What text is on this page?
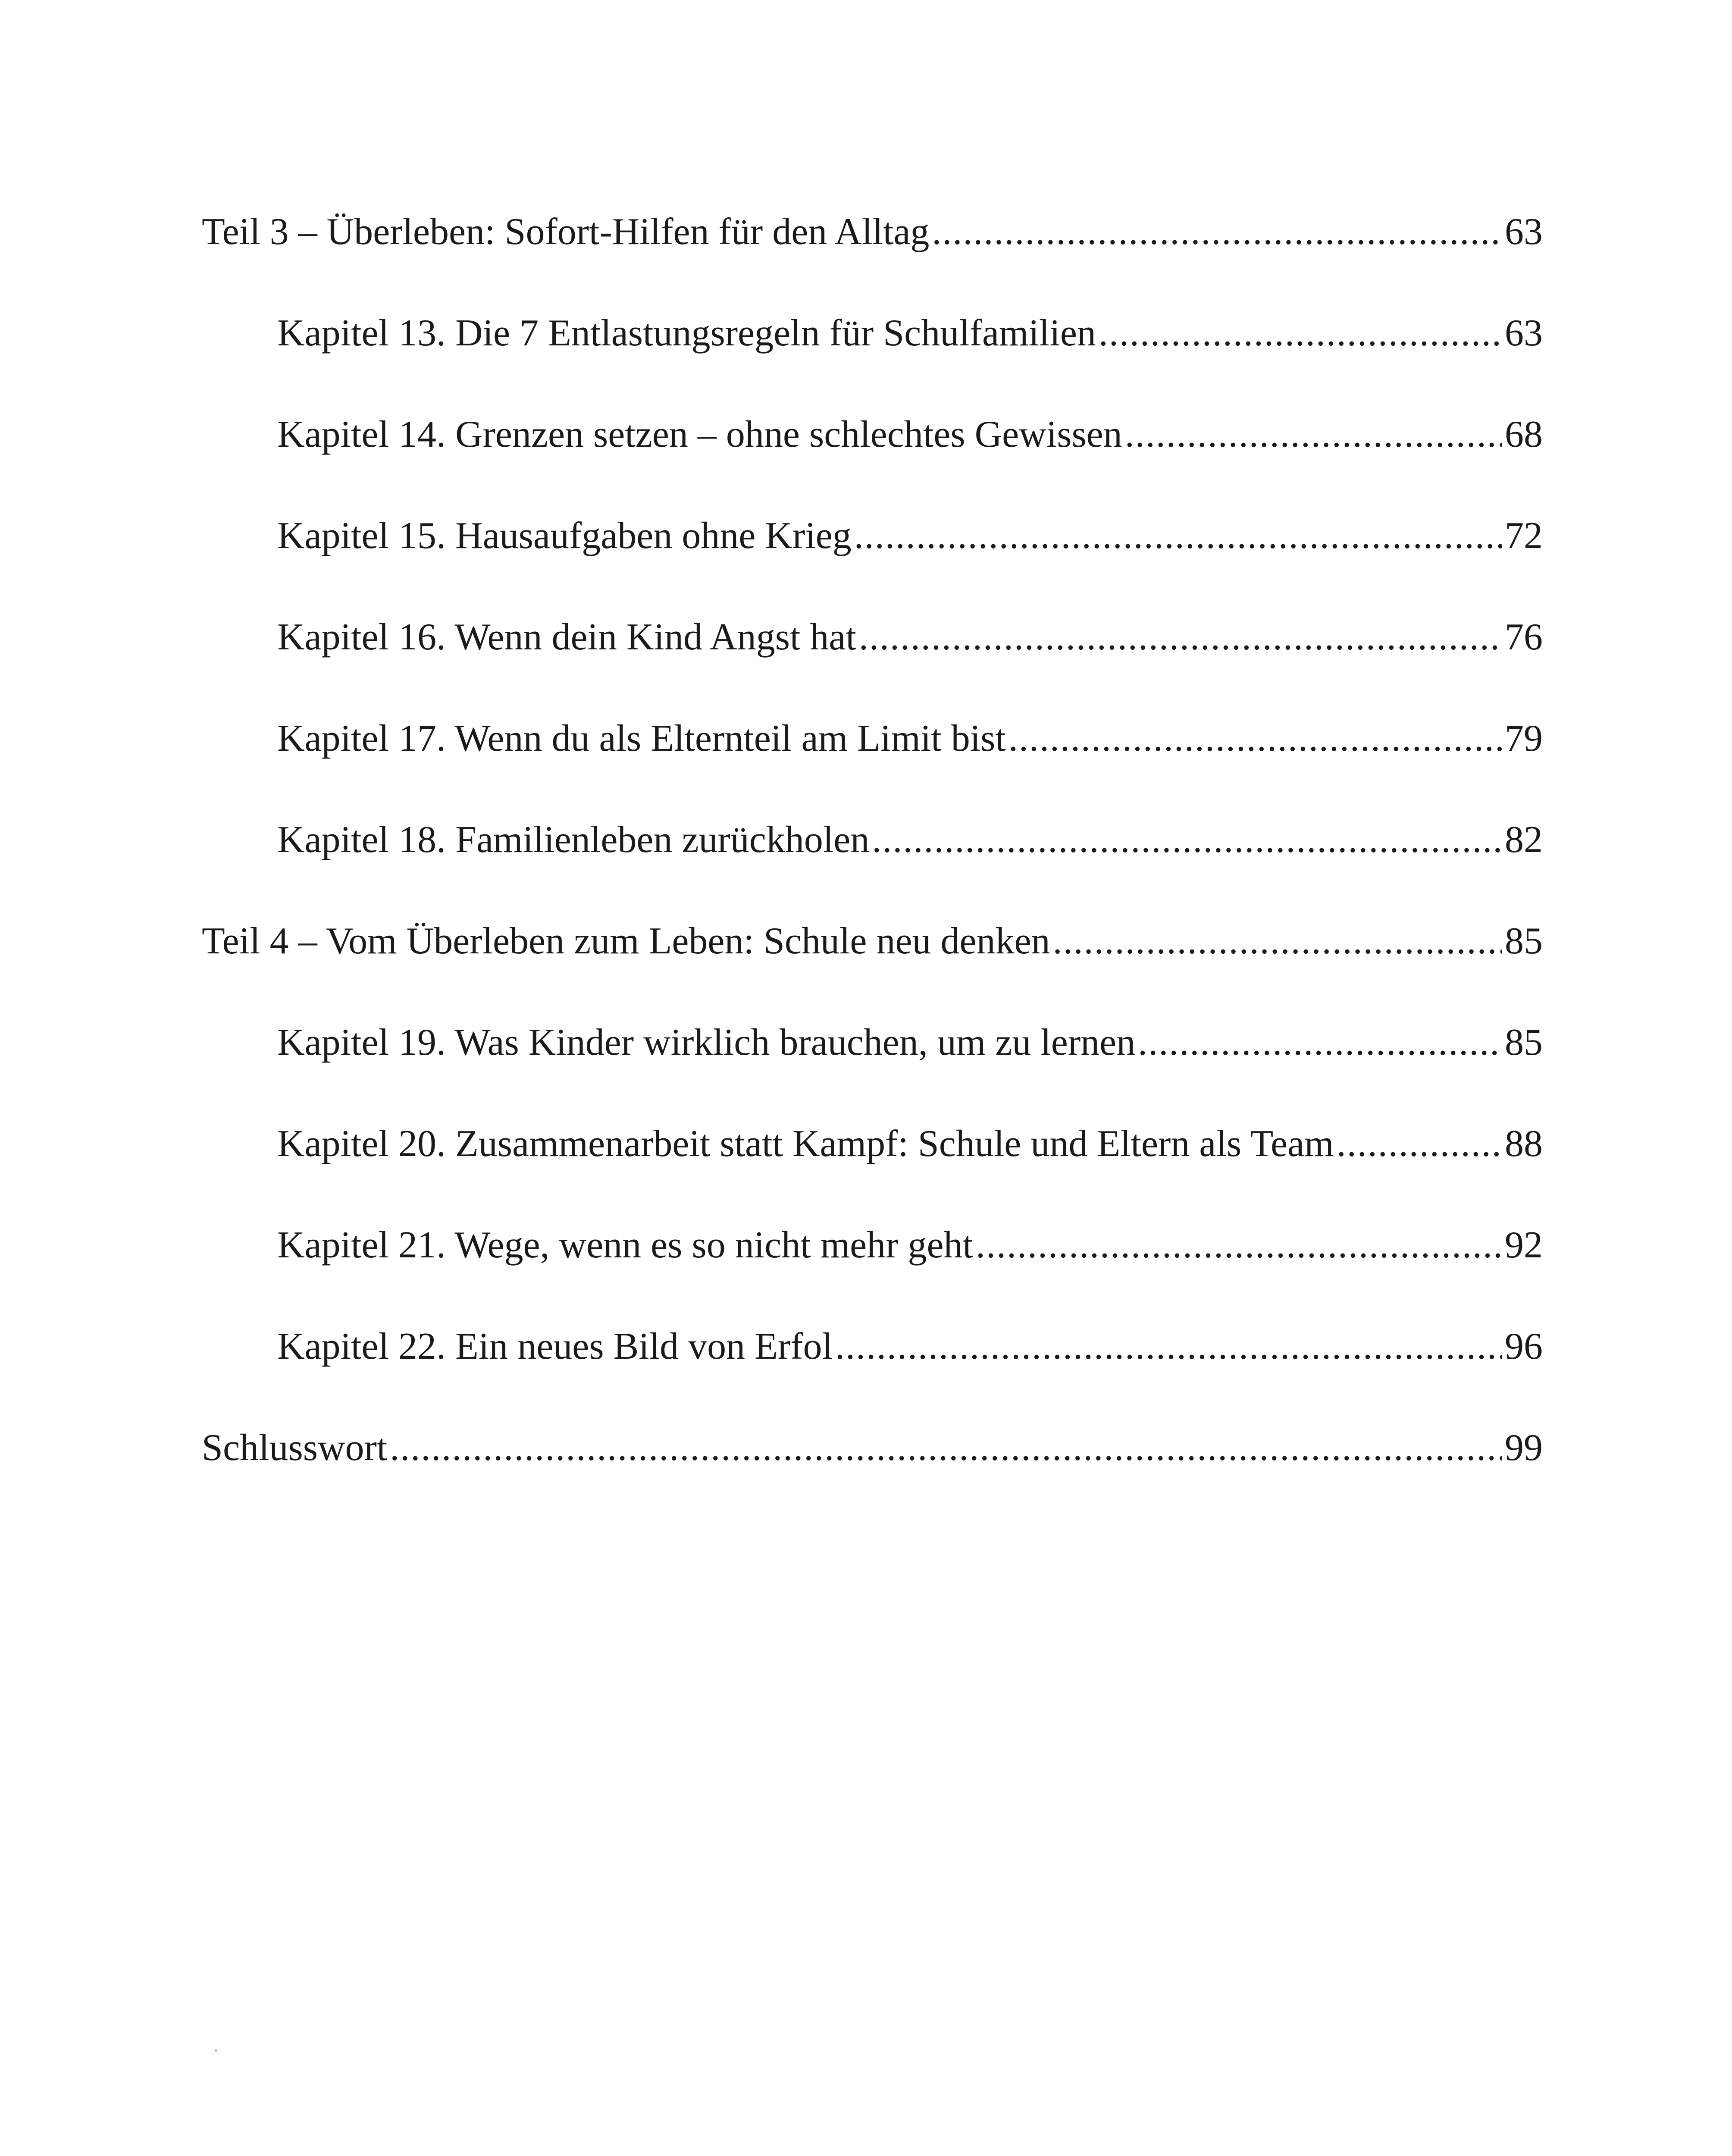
Teil 3 – Überleben: Sofort-Hilfen für den Alltag .....	63
Kapitel 13. Die 7 Entlastungsregeln für Schulfamilien .....	63
Kapitel 14. Grenzen setzen – ohne schlechtes Gewissen .....	68
Kapitel 15. Hausaufgaben ohne Krieg .....	72
Kapitel 16. Wenn dein Kind Angst hat .....	76
Kapitel 17. Wenn du als Elternteil am Limit bist .....	79
Kapitel 18. Familienleben zurückholen .....	82
Teil 4 – Vom Überleben zum Leben: Schule neu denken .....	85
Kapitel 19. Was Kinder wirklich brauchen, um zu lernen .....	85
Kapitel 20. Zusammenarbeit statt Kampf: Schule und Eltern als Team .....	88
Kapitel 21. Wege, wenn es so nicht mehr geht .....	92
Kapitel 22. Ein neues Bild von Erfol .....	96
Schlusswort .....	99
